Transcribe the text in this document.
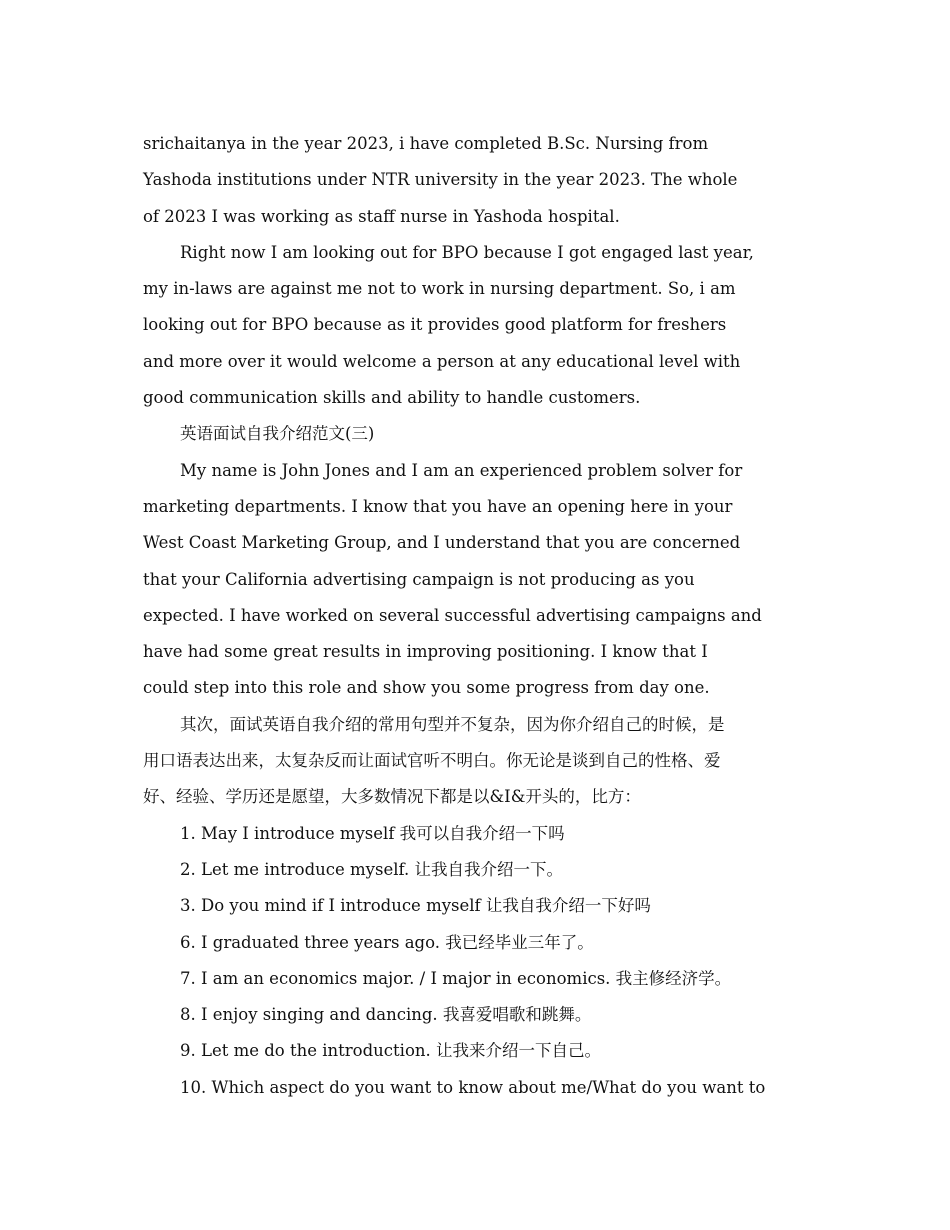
srichaitanya in the year 2023, i have completed B.Sc. Nursing from
Yashoda institutions under NTR university in the year 2023. The whole
of 2023 I was working as staff nurse in Yashoda hospital.
Right now I am looking out for BPO because I got engaged last year,
my in-laws are against me not to work in nursing department. So, i am
looking out for BPO because as it provides good platform for freshers
and more over it would welcome a person at any educational level with
good communication skills and ability to handle customers.
英语面试自我介绍范文(三)
My name is John Jones and I am an experienced problem solver for
marketing departments. I know that you have an opening here in your
West Coast Marketing Group, and I understand that you are concerned
that your California advertising campaign is not producing as you
expected. I have worked on several successful advertising campaigns and
have had some great results in improving positioning. I know that I
could step into this role and show you some progress from day one.
其次，面试英语自我介绍的常用句型并不复杂，因为你介绍自己的时候，是
用口语表达出来，太复杂反而让面试官听不明白。你无论是谈到自己的性格、爱
好、经验、学历还是愿望，大多数情况下都是以&I&开头的，比方：
1. May I introduce myself 我可以自我介绍一下吗
2. Let me introduce myself. 让我自我介绍一下。
3. Do you mind if I introduce myself 让我自我介绍一下好吗
6. I graduated three years ago. 我已经毕业三年了。
7. I am an economics major. / I major in economics. 我主修经济学。
8. I enjoy singing and dancing. 我喜爱唱歌和跳舞。
9. Let me do the introduction. 让我来介绍一下自己。
10. Which aspect do you want to know about me/What do you want to
